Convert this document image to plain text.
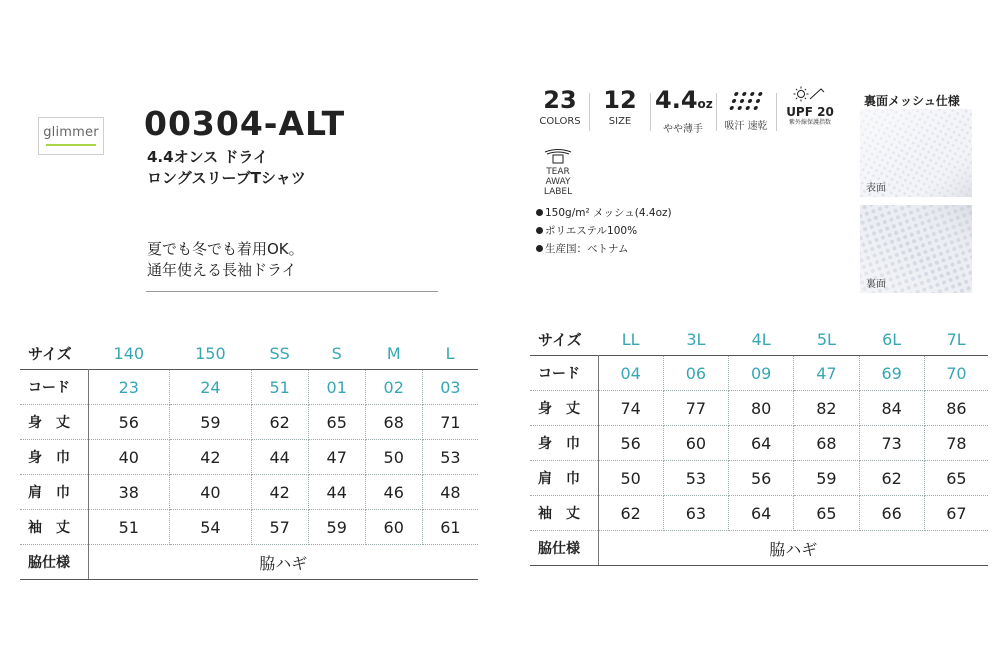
glimmer 00304-ALT
4.4オンス ドライ
ロングスリーブTシャツ
夏でも冬でも着用OK。
通年使える長袖ドライ
23
COLORS
12
SIZE
4.4oz
やや薄手	吸汗 速乾
UPF 20
紫外線保護指数
TEAR AWAY
LABEL
150g/m² メッシュ(4.4oz)
ポリエステル100%
生産国：ベトナム
裏面メッシュ仕様
表面
裏面
サイズ	140	150	SS	S	M	L
コード	23	24	51	01	02	03
身　丈	56	59	62	65	68	71
身　巾	40	42	44	47	50	53
肩　巾	38	40	42	44	46	48
袖　丈	51	54	57	59	60	61
脇仕様	脇ハギ					
サイズ	LL	3L	4L	5L	6L	7L
コード	04	06	09	47	69	70
身　丈	74	77	80	82	84	86
身　巾	56	60	64	68	73	78
肩　巾	50	53	56	59	62	65
袖　丈	62	63	64	65	66	67
脇仕様	脇ハギ					
